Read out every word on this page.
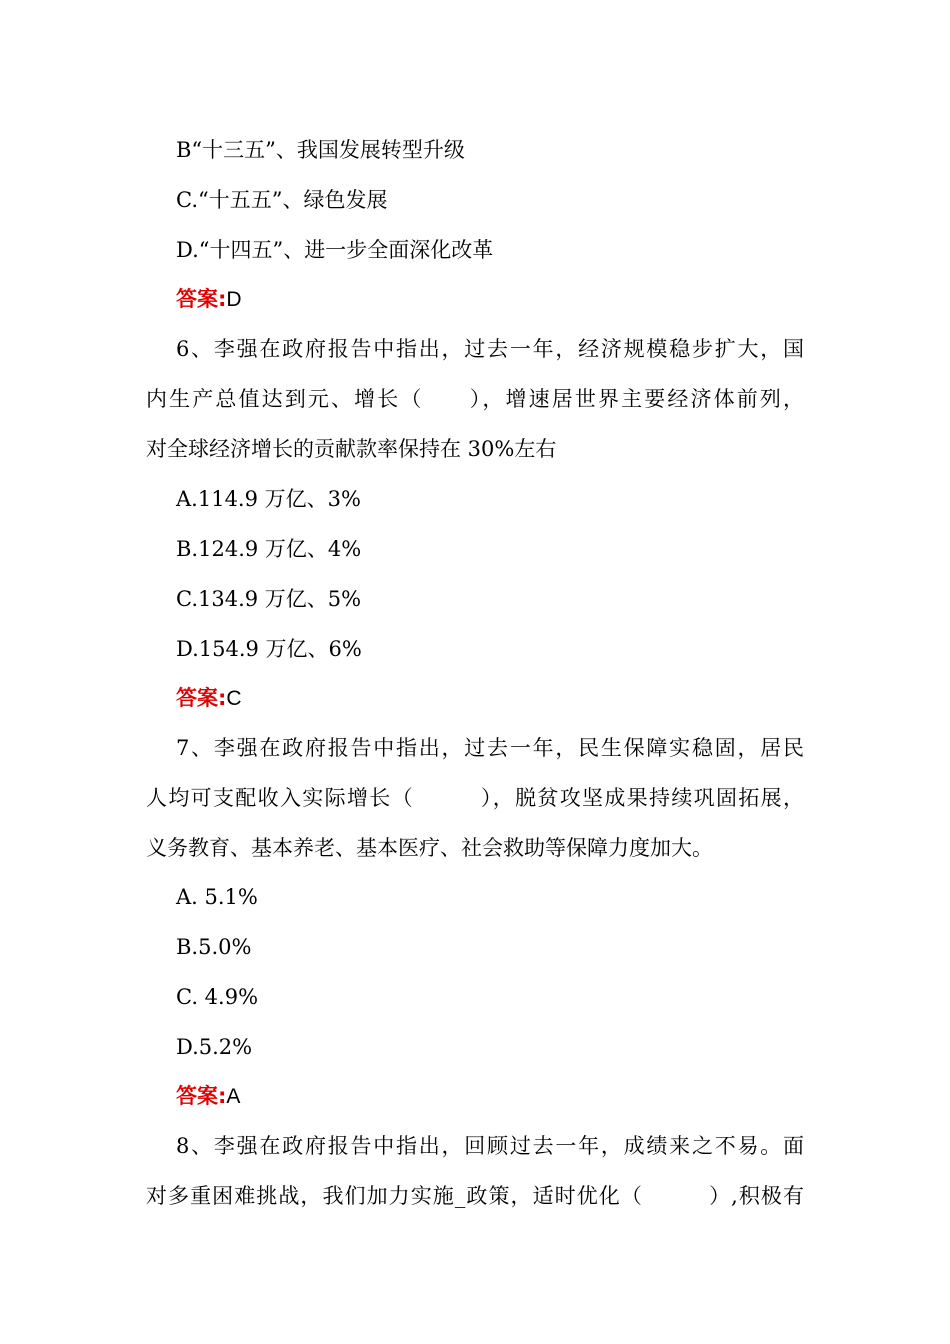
B“十三五”、我国发展转型升级
C.“十五五”、绿色发展
D.“十四五”、进一步全面深化改革
答案:D
6、李强在政府报告中指出，过去一年，经济规模稳步扩大，国
内生产总值达到元、增长（　　），增速居世界主要经济体前列，
对全球经济增长的贡献款率保持在 30%左右
A.114.9 万亿、3%
B.124.9 万亿、4%
C.134.9 万亿、5%
D.154.9 万亿、6%
答案:C
7、李强在政府报告中指出，过去一年，民生保障实稳固，居民
人均可支配收入实际增长（　　　），脱贫攻坚成果持续巩固拓展，
义务教育、基本养老、基本医疗、社会救助等保障力度加大。
A. 5.1%
B.5.0%
C. 4.9%
D.5.2%
答案:A
8、李强在政府报告中指出，回顾过去一年，成绩来之不易。面
对多重困难挑战，我们加力实施_政策，适时优化（　　　）,积极有
